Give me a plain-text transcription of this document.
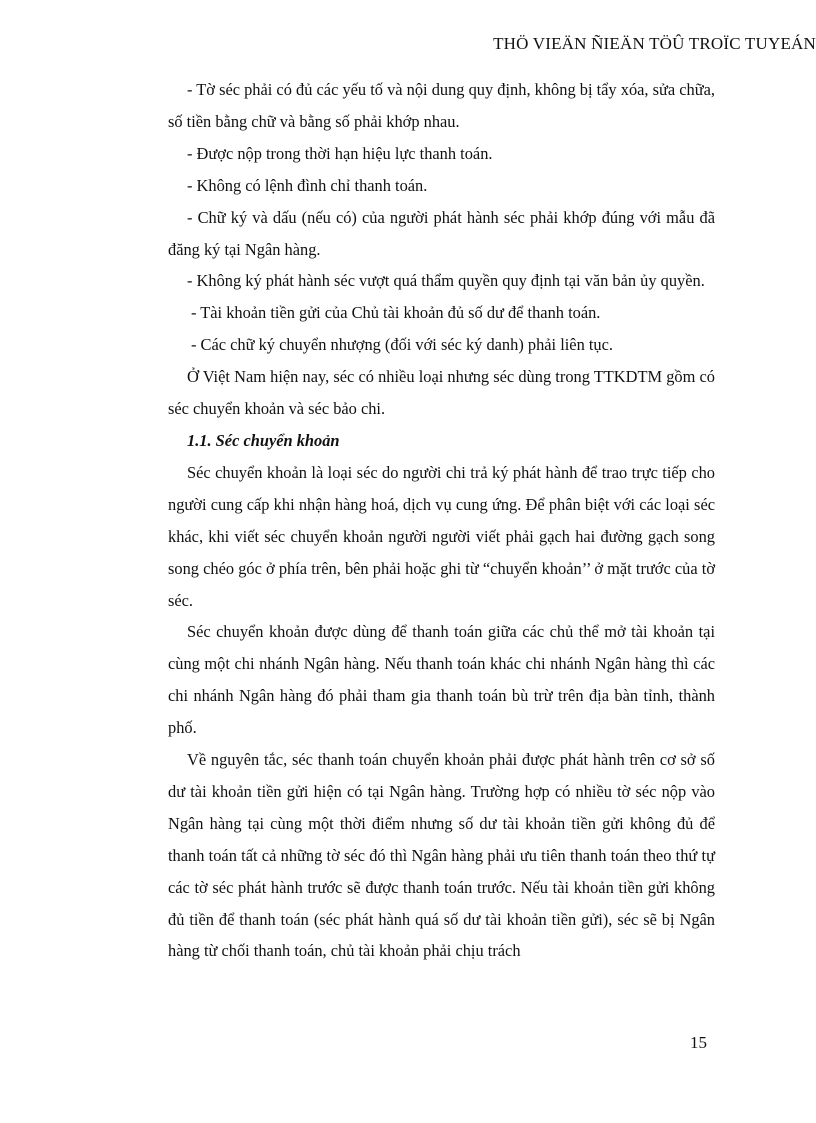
THÖ VIEÄN ÑIEÄN TÖÛ TROÏC TUYEÁN

- Tờ séc phải có đủ các yếu tố và nội dung quy định, không bị tẩy xóa, sửa chữa, số tiền bằng chữ và bằng số phải khớp nhau.

- Được nộp trong thời hạn hiệu lực thanh toán.

- Không có lệnh đình chỉ thanh toán.

- Chữ ký và dấu (nếu có) của người phát hành séc phải khớp đúng với mẫu đã đăng ký tại Ngân hàng.

- Không ký phát hành séc vượt quá thẩm quyền quy định tại văn bản ủy quyền.

- Tài khoản tiền gửi của Chủ tài khoản đủ số dư để thanh toán.

- Các chữ ký chuyển nhượng (đối với séc ký danh) phải liên tục.

Ở Việt Nam hiện nay, séc có nhiều loại nhưng séc dùng trong TTKDTM gồm có séc chuyển khoản và séc bảo chi.

1.1. Séc chuyển khoản

Séc chuyển khoản là loại séc do người chi trả ký phát hành để trao trực tiếp cho người cung cấp khi nhận hàng hoá, dịch vụ cung ứng. Để phân biệt với các loại séc khác, khi viết séc chuyển khoản người người viết phải gạch hai đường gạch song song chéo góc ở phía trên, bên phải hoặc ghi từ “chuyển khoản’’ ở mặt trước của tờ séc.

Séc chuyển khoản được dùng để thanh toán giữa các chủ thể mở tài khoản tại cùng một chi nhánh Ngân hàng. Nếu thanh toán khác chi nhánh Ngân hàng thì các chi nhánh Ngân hàng đó phải tham gia thanh toán bù trừ trên địa bàn tỉnh, thành phố.

Về nguyên tắc, séc thanh toán chuyển khoản phải được phát hành trên cơ sở số dư tài khoản tiền gửi hiện có tại Ngân hàng. Trường hợp có nhiều tờ séc nộp vào Ngân hàng tại cùng một thời điểm nhưng số dư tài khoản tiền gửi không đủ để thanh toán tất cả những tờ séc đó thì Ngân hàng phải ưu tiên thanh toán theo thứ tự các tờ séc phát hành trước sẽ được thanh toán trước. Nếu tài khoản tiền gửi không đủ tiền để thanh toán (séc phát hành quá số dư tài khoản tiền gửi), séc sẽ bị Ngân hàng từ chối thanh toán, chủ tài khoản phải chịu trách

15
